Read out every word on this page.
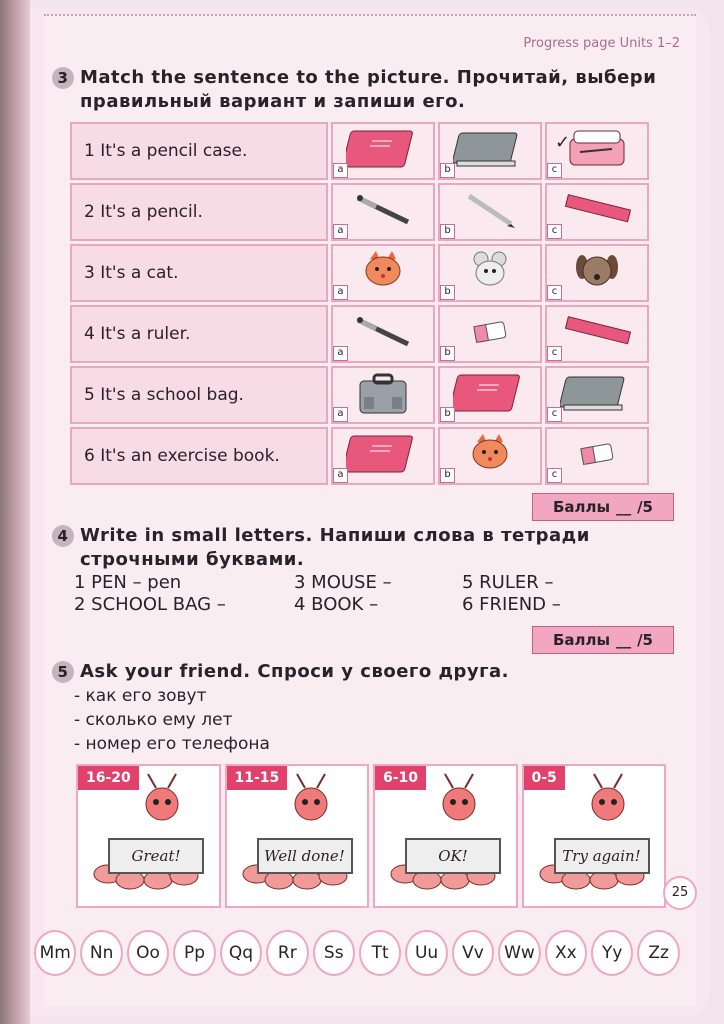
Progress page Units 1–2
3 Match the sentence to the picture. Прочитай, выбери
правильный вариант и запиши его.
1 It's a pencil case.
a	b	c
✓
2 It's a pencil.
a	b	c
3 It's a cat.
a	b	c
4 It's a ruler.
a	b	c
5 It's a school bag.
a	b	c
6 It's an exercise book.
a	b	c
Баллы __ /5
4 Write in small letters. Напиши слова в тетради
строчными буквами.
1 PEN – pen
2 SCHOOL BAG –
3 MOUSE –
4 BOOK –
5 RULER –
6 FRIEND –
Баллы __ /5
5 Ask your friend. Спроси у своего друга.
- как его зовут
- сколько ему лет
- номер его телефона
16-20
Great!
11-15
Well done!
6-10
OK!
0-5
Try again!
25
Mm	Nn	Oo	Pp	Qq	Rr	Ss	Tt	Uu	Vv	Ww	Xx	Yy	Zz
